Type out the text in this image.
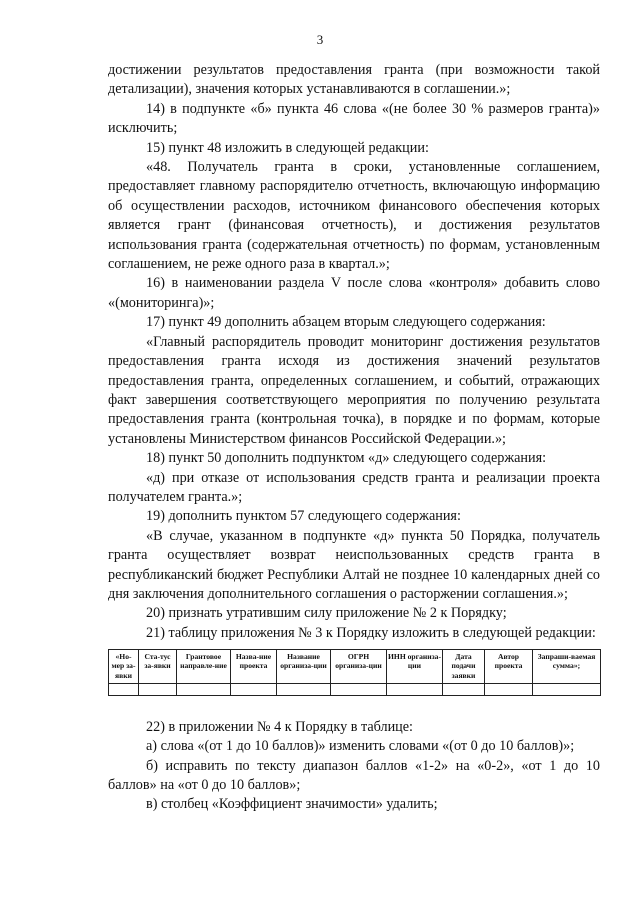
3

достижении результатов предоставления гранта (при возможности такой детализации), значения которых устанавливаются в соглашении.»;

14) в подпункте «б» пункта 46 слова «(не более 30 % размеров гранта)» исключить;

15) пункт 48 изложить в следующей редакции:

«48. Получатель гранта в сроки, установленные соглашением, предоставляет главному распорядителю отчетность, включающую информацию об осуществлении расходов, источником финансового обеспечения которых является грант (финансовая отчетность), и достижения результатов использования гранта (содержательная отчетность) по формам, установленным соглашением, не реже одного раза в квартал.»;

16) в наименовании раздела V после слова «контроля» добавить слово «(мониторинга)»;

17) пункт 49 дополнить абзацем вторым следующего содержания:

«Главный распорядитель проводит мониторинг достижения результатов предоставления гранта исходя из достижения значений результатов предоставления гранта, определенных соглашением, и событий, отражающих факт завершения соответствующего мероприятия по получению результата предоставления гранта (контрольная точка), в порядке и по формам, которые установлены Министерством финансов Российской Федерации.»;

18) пункт 50 дополнить подпунктом «д» следующего содержания:

«д) при отказе от использования средств гранта и реализации проекта получателем гранта.»;

19) дополнить пунктом 57 следующего содержания:

«В случае, указанном в подпункте «д» пункта 50 Порядка, получатель гранта осуществляет возврат неиспользованных средств гранта в республиканский бюджет Республики Алтай не позднее 10 календарных дней со дня заключения дополнительного соглашения о расторжении соглашения.»;

20) признать утратившим силу приложение № 2 к Порядку;

21) таблицу приложения № 3 к Порядку изложить в следующей редакции:

«Но-мер за-явки	Ста-тус за-явки	Грантовое направле-ние	Назва-ние проекта	Название организа-ции	ОГРН организа-ции	ИНН организа-ции	Дата подачи заявки	Автор проекта	Запраши-ваемая сумма»;

22) в приложении № 4 к Порядку в таблице:

а) слова «(от 1 до 10 баллов)» изменить словами «(от 0 до 10 баллов)»;

б) исправить по тексту диапазон баллов «1-2» на «0-2», «от 1 до 10 баллов» на «от 0 до 10 баллов»;

в) столбец «Коэффициент значимости» удалить;
